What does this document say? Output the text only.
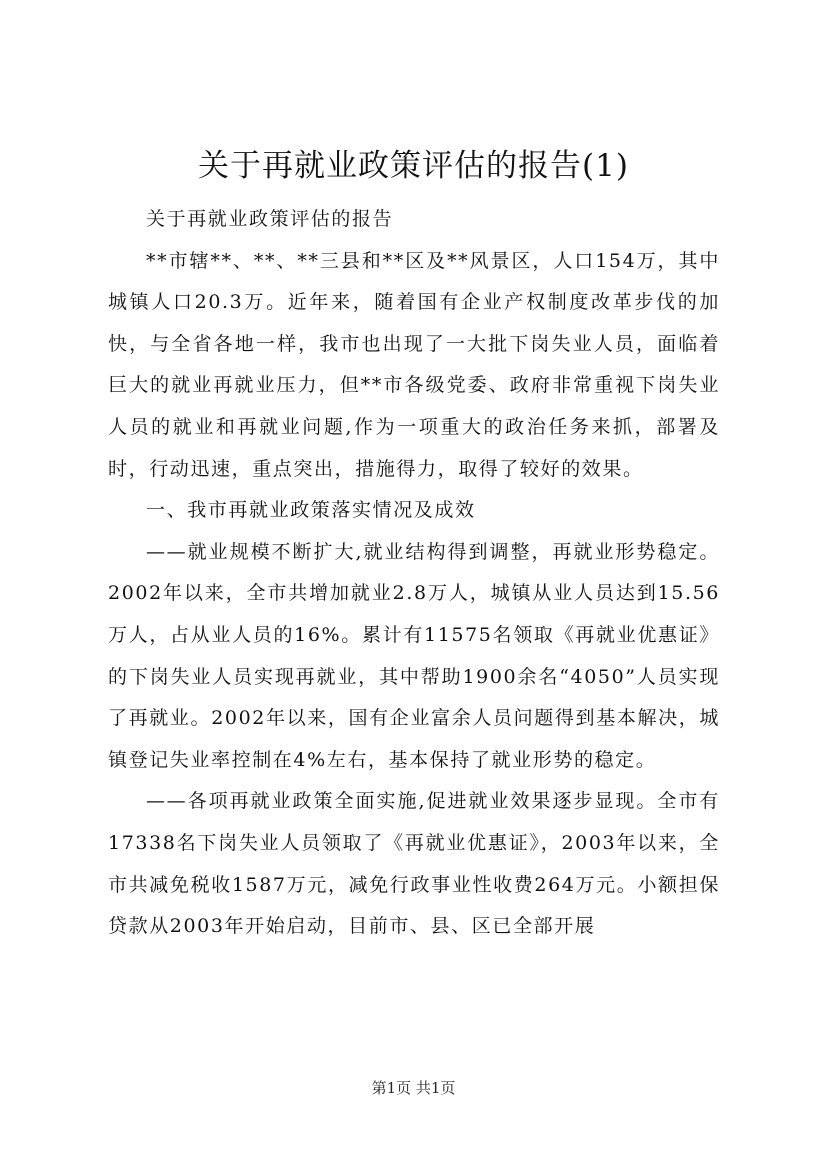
关于再就业政策评估的报告(1)

关于再就业政策评估的报告

**市辖**、**、**三县和**区及**风景区，人口154万，其中城镇人口20.3万。近年来，随着国有企业产权制度改革步伐的加快，与全省各地一样，我市也出现了一大批下岗失业人员，面临着巨大的就业再就业压力，但**市各级党委、政府非常重视下岗失业人员的就业和再就业问题,作为一项重大的政治任务来抓，部署及时，行动迅速，重点突出，措施得力，取得了较好的效果。

一、我市再就业政策落实情况及成效

——就业规模不断扩大,就业结构得到调整，再就业形势稳定。2002年以来，全市共增加就业2.8万人，城镇从业人员达到15.56万人，占从业人员的16%。累计有11575名领取《再就业优惠证》的下岗失业人员实现再就业，其中帮助1900余名“4050”人员实现了再就业。2002年以来，国有企业富余人员问题得到基本解决，城镇登记失业率控制在4%左右，基本保持了就业形势的稳定。

——各项再就业政策全面实施,促进就业效果逐步显现。全市有17338名下岗失业人员领取了《再就业优惠证》，2003年以来，全市共减免税收1587万元，减免行政事业性收费264万元。小额担保贷款从2003年开始启动，目前市、县、区已全部开展

第1页 共1页
